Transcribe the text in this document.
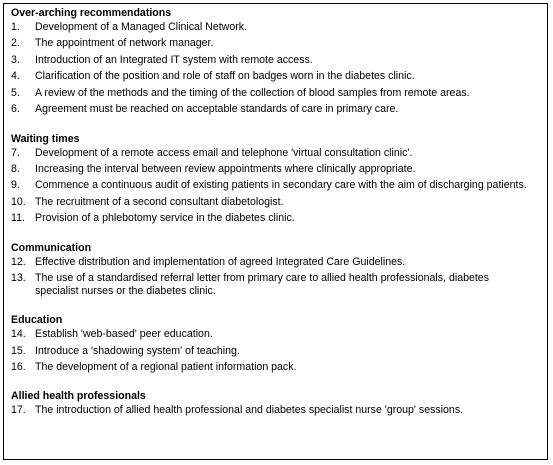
Over-arching recommendations
1.	Development of a Managed Clinical Network.
2.	The appointment of network manager.
3.	Introduction of an Integrated IT system with remote access.
4.	Clarification of the position and role of staff on badges worn in the diabetes clinic.
5.	A review of the methods and the timing of the collection of blood samples from remote areas.
6.	Agreement must be reached on acceptable standards of care in primary care.
Waiting times
7.	Development of a remote access email and telephone 'virtual consultation clinic'.
8.	Increasing the interval between review appointments where clinically appropriate.
9.	Commence a continuous audit of existing patients in secondary care with the aim of discharging patients.
10. The recruitment of a second consultant diabetologist.
11. Provision of a phlebotomy service in the diabetes clinic.
Communication
12. Effective distribution and implementation of agreed Integrated Care Guidelines.
13. The use of a standardised referral letter from primary care to allied health professionals, diabetes specialist nurses or the diabetes clinic.
Education
14. Establish 'web-based' peer education.
15. Introduce a 'shadowing system' of teaching.
16. The development of a regional patient information pack.
Allied health professionals
17. The introduction of allied health professional and diabetes specialist nurse 'group' sessions.
